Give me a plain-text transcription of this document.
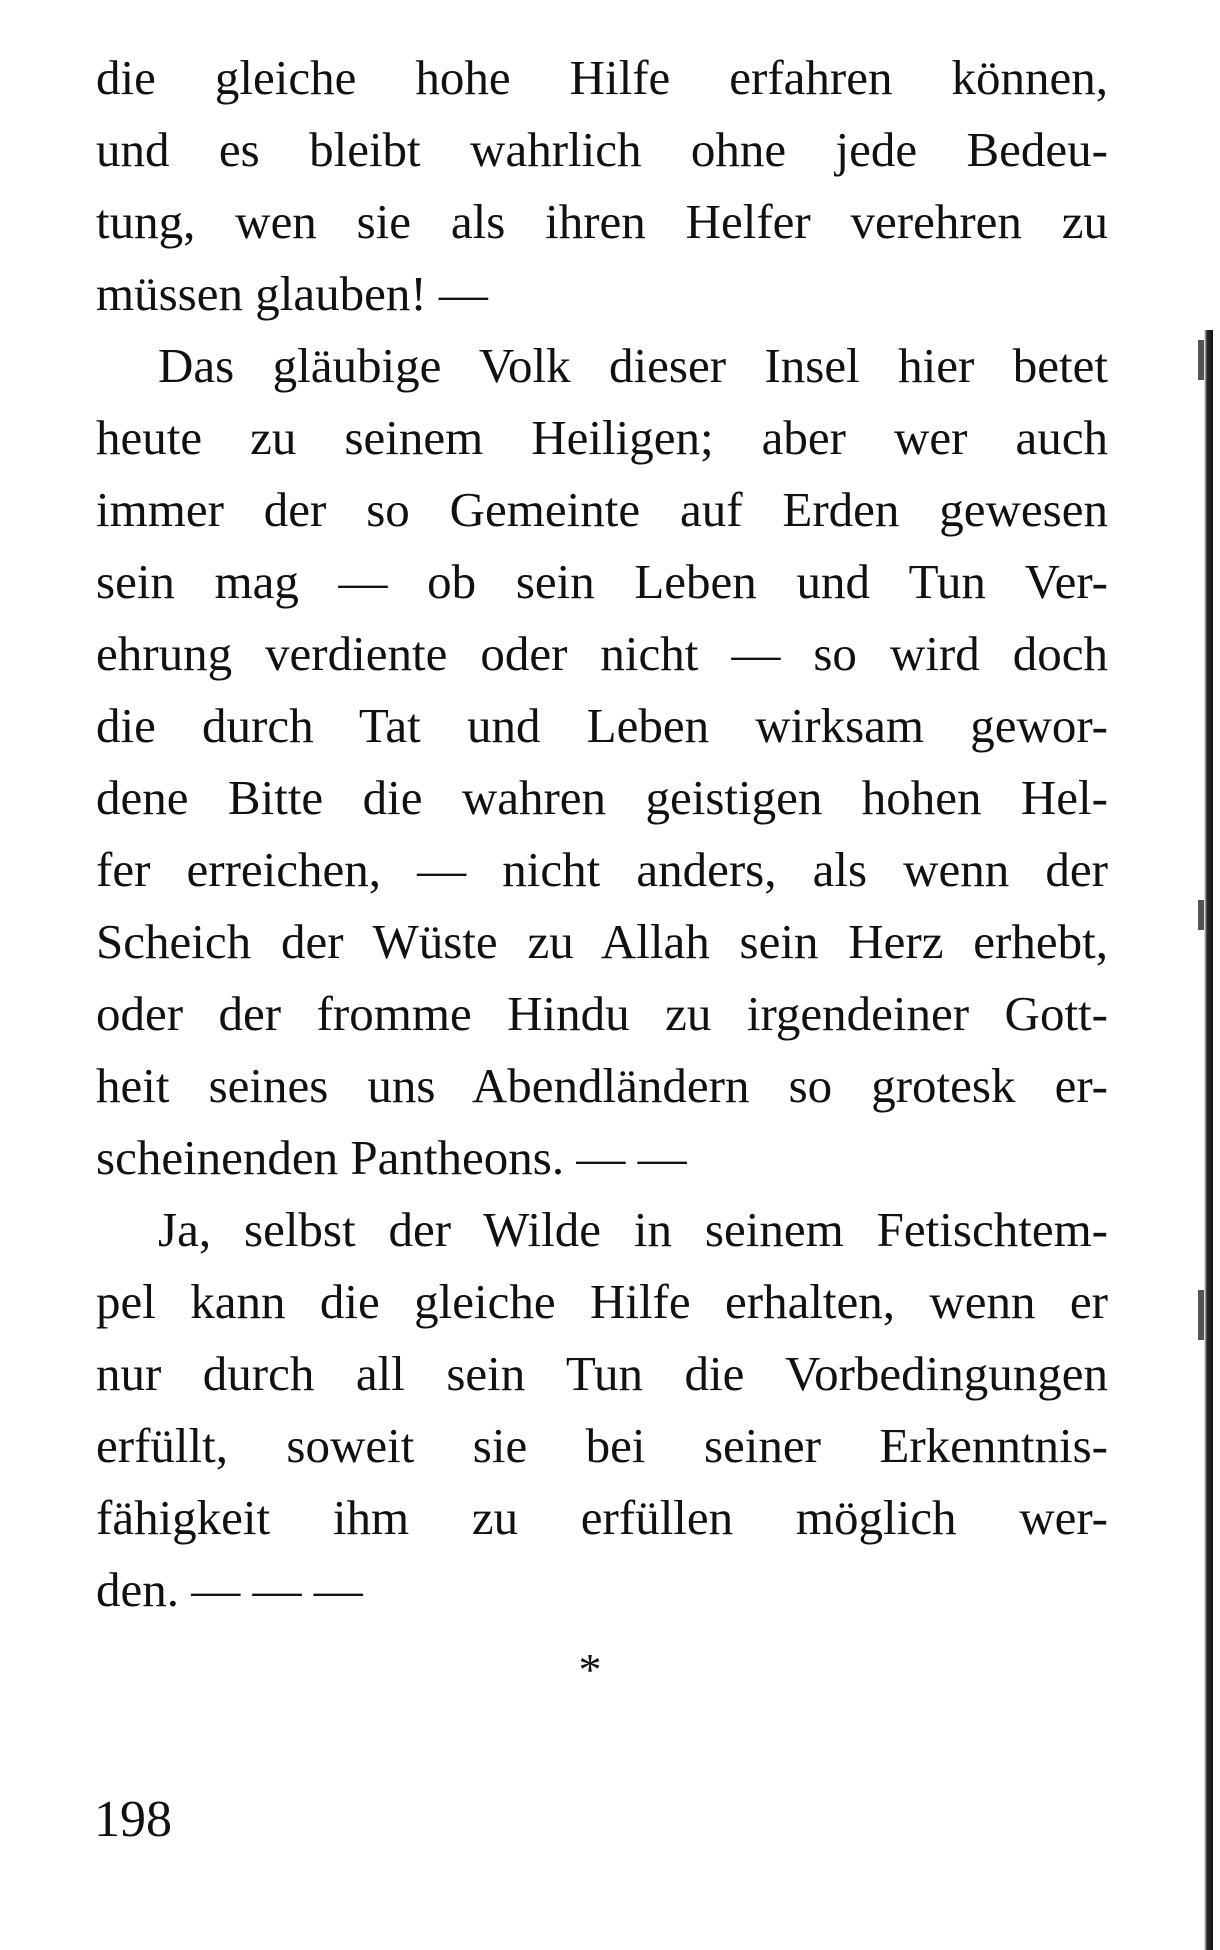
die gleiche hohe Hilfe erfahren können,
und es bleibt wahrlich ohne jede Bedeu-
tung, wen sie als ihren Helfer verehren zu
müssen glauben! —
Das gläubige Volk dieser Insel hier betet
heute zu seinem Heiligen; aber wer auch
immer der so Gemeinte auf Erden gewesen
sein mag — ob sein Leben und Tun Ver-
ehrung verdiente oder nicht — so wird doch
die durch Tat und Leben wirksam gewor-
dene Bitte die wahren geistigen hohen Hel-
fer erreichen, — nicht anders, als wenn der
Scheich der Wüste zu Allah sein Herz erhebt,
oder der fromme Hindu zu irgendeiner Gott-
heit seines uns Abendländern so grotesk er-
scheinenden Pantheons. — —
Ja, selbst der Wilde in seinem Fetischtem-
pel kann die gleiche Hilfe erhalten, wenn er
nur durch all sein Tun die Vorbedingungen
erfüllt, soweit sie bei seiner Erkenntnis-
fähigkeit ihm zu erfüllen möglich wer-
den. — — —
*
198
